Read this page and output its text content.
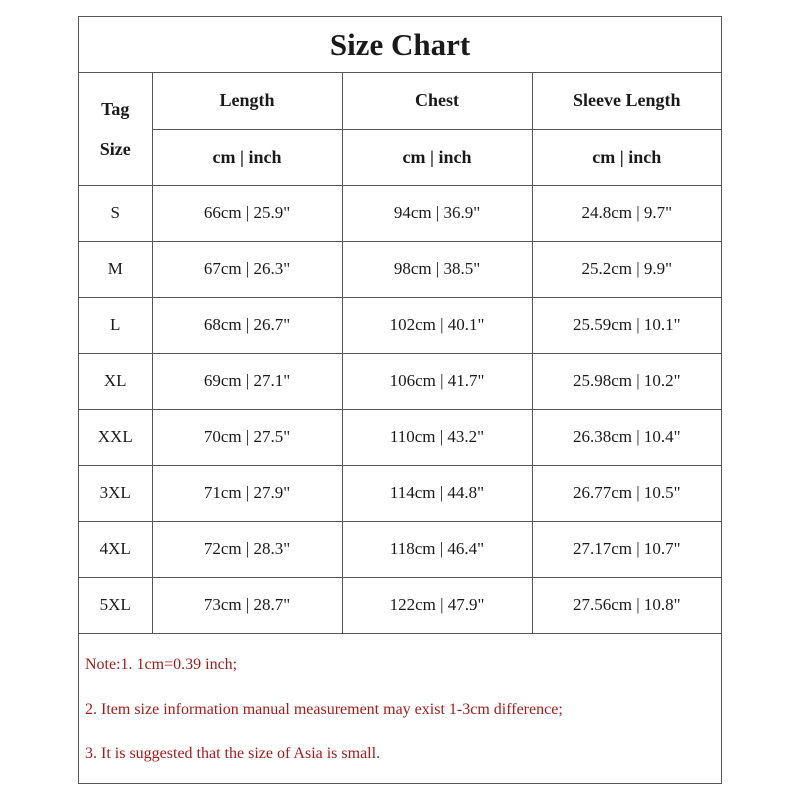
Size Chart
Tag
Size	Length	Chest	Sleeve Length
	cm | inch	cm | inch	cm | inch
S	66cm | 25.9"	94cm | 36.9"	24.8cm | 9.7"
M	67cm | 26.3"	98cm | 38.5"	25.2cm | 9.9"
L	68cm | 26.7"	102cm | 40.1"	25.59cm | 10.1"
XL	69cm | 27.1"	106cm | 41.7"	25.98cm | 10.2"
XXL	70cm | 27.5"	110cm | 43.2"	26.38cm | 10.4"
3XL	71cm | 27.9"	114cm | 44.8"	26.77cm | 10.5"
4XL	72cm | 28.3"	118cm | 46.4"	27.17cm | 10.7"
5XL	73cm | 28.7"	122cm | 47.9"	27.56cm | 10.8"
Note:1. 1cm=0.39 inch;
2. Item size information manual measurement may exist 1-3cm difference;
3. It is suggested that the size of Asia is small.
